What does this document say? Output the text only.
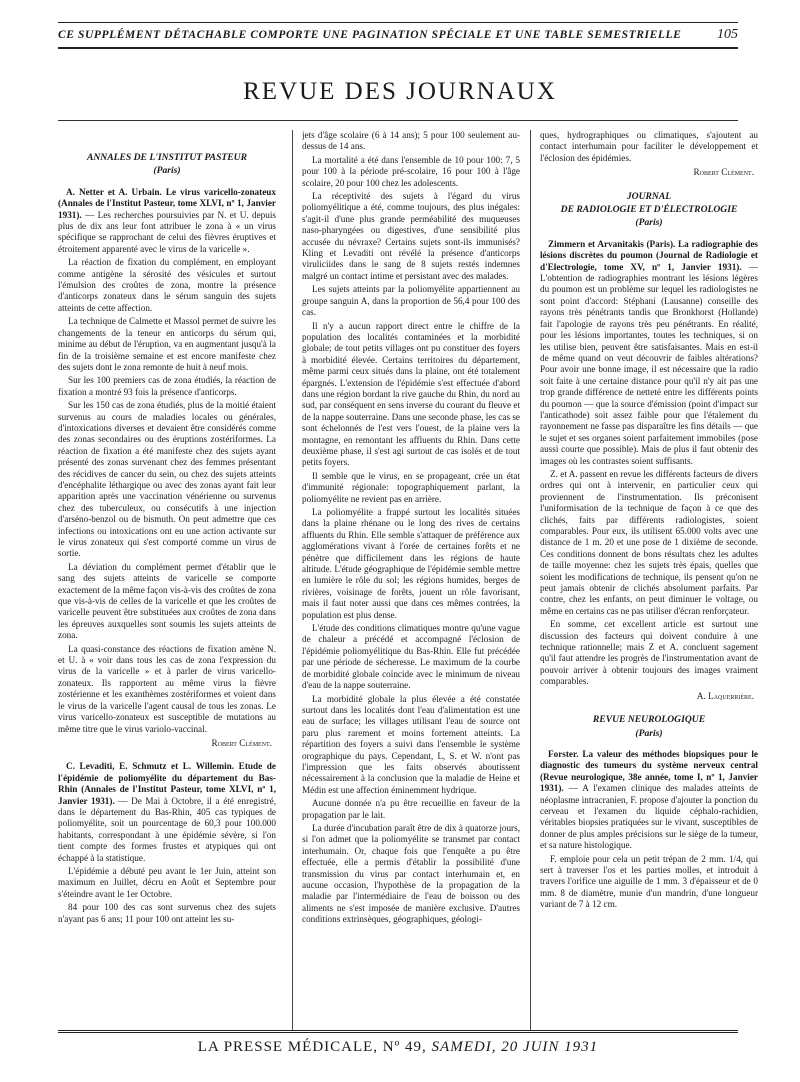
CE SUPPLÉMENT DÉTACHABLE COMPORTE UNE PAGINATION SPÉCIALE ET UNE TABLE SEMESTRIELLE	105
REVUE DES JOURNAUX
ANNALES DE L'INSTITUT PASTEUR
(Paris)

A. Netter et A. Urbain. Le virus varicello-zonateux (Annales de l'Institut Pasteur, tome XLVI, nº 1, Janvier 1931). — Les recherches poursuivies par N. et U. depuis plus de dix ans leur font attribuer le zona à « un virus spécifique se rapprochant de celui des fièvres éruptives et étroitement apparenté avec le virus de la varicelle ».

La réaction de fixation du complément, en employant comme antigène la sérosité des vésicules et surtout l'émulsion des croûtes de zona, montre la présence d'anticorps zonateux dans le sérum sanguin des sujets atteints de cette affection.

La technique de Calmette et Massol permet de suivre les changements de la teneur en anticorps du sérum qui, minime au début de l'éruption, va en augmentant jusqu'à la fin de la troisième semaine et est encore manifeste chez des sujets dont le zona remonte de huit à neuf mois.

Sur les 100 premiers cas de zona étudiés, la réaction de fixation a montré 93 fois la présence d'anticorps.

Sur les 150 cas de zona étudiés, plus de la moitié étaient survenus au cours de maladies locales ou générales, d'intoxications diverses et devaient être considérés comme des zonas secondaires ou des éruptions zostériformes. La réaction de fixation a été manifeste chez des sujets ayant présenté des zonas survenant chez des femmes présentant des récidives de cancer du sein, ou chez des sujets atteints d'encéphalite léthargique ou avec des zonas ayant fait leur apparition après une vaccination vénérienne ou survenus chez des tuberculeux, ou consécutifs à une injection d'arséno-benzol ou de bismuth. On peut admettre que ces infections ou intoxications ont eu une action activante sur le virus zonateux qui s'est comporté comme un virus de sortie.

La déviation du complément permet d'établir que le sang des sujets atteints de varicelle se comporte exactement de la même façon vis-à-vis des croûtes de zona que vis-à-vis de celles de la varicelle et que les croûtes de varicelle peuvent être substituées aux croûtes de zona dans les épreuves auxquelles sont soumis les sujets atteints de zona.

La quasi-constance des réactions de fixation amène N. et U. à « voir dans tous les cas de zona l'expression du virus de la varicelle » et à parler de virus varicello-zonateux. Ils rapportent au même virus la fièvre zostérienne et les exanthèmes zostériformes et voient dans le virus de la varicelle l'agent causal de tous les zonas. Le virus varicello-zonateux est susceptible de mutations au même titre que le virus variolo-vaccinal.

Robert Clément.

C. Levaditi, E. Schmutz et L. Willemin. Etude de l'épidémie de poliomyélite du département du Bas-Rhin (Annales de l'Institut Pasteur, tome XLVI, nº 1, Janvier 1931). — De Mai à Octobre, il a été enregistré, dans le département du Bas-Rhin, 405 cas typiques de poliomyélite, soit un pourcentage de 60,3 pour 100.000 habitants, correspondant à une épidémie sévère, si l'on tient compte des formes frustes et atypiques qui ont échappé à la statistique.

L'épidémie a débuté peu avant le 1er Juin, atteint son maximum en Juillet, décru en Août et Septembre pour s'éteindre avant le 1er Octobre.

84 pour 100 des cas sont survenus chez des sujets n'ayant pas 6 ans; 11 pour 100 ont atteint les su-

jets d'âge scolaire (6 à 14 ans); 5 pour 100 seulement au-dessus de 14 ans.

La mortalité a été dans l'ensemble de 10 pour 100: 7, 5 pour 100 à la période pré-scolaire, 16 pour 100 à l'âge scolaire, 20 pour 100 chez les adolescents.

La réceptivité des sujets à l'égard du virus poliomyélitique a été, comme toujours, des plus inégales: s'agit-il d'une plus grande perméabilité des muqueuses naso-pharyngées ou digestives, d'une sensibilité plus accusée du névraxe? Certains sujets sont-ils immunisés? Kling et Levaditi ont révélé la présence d'anticorps viruliciides dans le sang de 8 sujets restés indemnes malgré un contact intime et persistant avec des malades.

Les sujets atteints par la poliomyélite appartiennent au groupe sanguin A, dans la proportion de 56,4 pour 100 des cas.

Il n'y a aucun rapport direct entre le chiffre de la population des localités contaminées et la morbidité globale; de tout petits villages ont pu constituer des foyers à morbidité élevée. Certains territoires du département, même parmi ceux situés dans la plaine, ont été totalement épargnés. L'extension de l'épidémie s'est effectuée d'abord dans une région bordant la rive gauche du Rhin, du nord au sud, par conséquent en sens inverse du courant du fleuve et de la nappe souterraine. Dans une seconde phase, les cas se sont échelonnés de l'est vers l'ouest, de la plaine vers la montagne, en remontant les affluents du Rhin. Dans cette deuxième phase, il s'est agi surtout de cas isolés et de tout petits foyers.

Il semble que le virus, en se propageant, crée un état d'immunité régionale: topographiquement parlant, la poliomyélite ne revient pas en arrière.

La poliomyélite a frappé surtout les localités situées dans la plaine rhénane ou le long des rives de certains affluents du Rhin. Elle semble s'attaquer de préférence aux agglomérations vivant à l'orée de certaines forêts et ne pénètre que difficilement dans les régions de haute altitude. L'étude géographique de l'épidémie semble mettre en lumière le rôle du sol; les régions humides, berges de rivières, voisinage de forêts, jouent un rôle favorisant, mais il faut noter aussi que dans ces mêmes contrées, la population est plus dense.

L'étude des conditions climatiques montre qu'une vague de chaleur a précédé et accompagné l'éclosion de l'épidémie poliomyélitique du Bas-Rhin. Elle fut précédée par une période de sécheresse. Le maximum de la courbe de morbidité globale coïncide avec le minimum de niveau d'eau de la nappe souterraine.

La morbidité globale la plus élevée a été constatée surtout dans les localités dont l'eau d'alimentation est une eau de surface; les villages utilisant l'eau de source ont paru plus rarement et moins fortement atteints. La répartition des foyers a suivi dans l'ensemble le système orographique du pays. Cependant, L, S. et W. n'ont pas l'impression que les faits observés aboutissent nécessairement à la conclusion que la maladie de Heine et Médin est une affection éminemment hydrique.

Aucune donnée n'a pu être recueillie en faveur de la propagation par le lait.

La durée d'incubation paraît être de dix à quatorze jours, si l'on admet que la poliomyélite se transmet par contact interhumain. Or, chaque fois que l'enquête a pu être effectuée, elle a permis d'établir la possibilité d'une transmission du virus par contact interhumain et, en aucune occasion, l'hypothèse de la propagation de la maladie par l'intermédiaire de l'eau de boisson ou des aliments ne s'est imposée de manière exclusive. D'autres conditions extrinsèques, géographiques, géologi-

ques, hydrographiques ou climatiques, s'ajoutent au contact interhumain pour faciliter le développement et l'éclosion des épidémies.

Robert Clément.
JOURNAL
DE RADIOLOGIE ET D'ÉLECTROLOGIE
(Paris)

Zimmern et Arvanitakis (Paris). La radiographie des lésions discrètes du poumon (Journal de Radiologie et d'Electrologie, tome XV, nº 1, Janvier 1931). — L'obtention de radiographies montrant les lésions légères du poumon est un problème sur lequel les radiologistes ne sont point d'accord: Stéphani (Lausanne) conseille des rayons très pénétrants tandis que Bronkhorst (Hollande) fait l'apologie de rayons très peu pénétrants. En réalité, pour les lésions importantes, toutes les techniques, si on les utilise bien, peuvent être satisfaisantes. Mais en est-il de même quand on veut découvrir de faibles altérations? Pour avoir une bonne image, il est nécessaire que la radio soit faite à une certaine distance pour qu'il n'y ait pas une trop grande différence de netteté entre les différents points du poumon — que la source d'émission (point d'impact sur l'anticathode) soit assez faible pour que l'étalement du rayonnement ne fasse pas disparaître les fins détails — que le sujet et ses organes soient parfaitement immobiles (pose aussi courte que possible). Mais de plus il faut obtenir des images où les contrastes soient suffisants.

Z. et A. passent en revue les différents facteurs de divers ordres qui ont à intervenir, en particulier ceux qui proviennent de l'instrumentation. Ils préconisent l'uniformisation de la technique de façon à ce que des clichés, faits par différents radiologistes, soient comparables. Pour eux, ils utilisent 65.000 volts avec une distance de 1 m. 20 et une pose de 1 dixième de seconde. Ces conditions donnent de bons résultats chez les adultes de taille moyenne: chez les sujets très épais, quelles que soient les modifications de technique, ils pensent qu'on ne peut jamais obtenir de clichés absolument parfaits. Par contre, chez les enfants, on peut diminuer le voltage, ou même en certains cas ne pas utiliser d'écran renforçateur.

En somme, cet excellent article est surtout une discussion des facteurs qui doivent conduire à une technique rationnelle; mais Z et A. concluent sagement qu'il faut attendre les progrès de l'instrumentation avant de pouvoir arriver à obtenir toujours des images vraiment comparables.

A. Laquerrière.
REVUE NEUROLOGIQUE
(Paris)

Forster. La valeur des méthodes biopsiques pour le diagnostic des tumeurs du système nerveux central (Revue neurologique, 38e année, tome I, nº 1, Janvier 1931). — A l'examen clinique des malades atteints de néoplasme intracranien, F. propose d'ajouter la ponction du cerveau et l'examen du liquide céphalo-rachidien, véritables biopsies pratiquées sur le vivant, susceptibles de donner de plus amples précisions sur le siège de la tumeur, et sa nature histologique.

F. emploie pour cela un petit trépan de 2 mm. 1/4, qui sert à traverser l'os et les parties molles, et introduit à travers l'orifice une aiguille de 1 mm. 3 d'épaisseur et de 0 mm. 8 de diamètre, munie d'un mandrin, d'une longueur variant de 7 à 12 cm.

LA PRESSE MÉDICALE, Nº 49, SAMEDI, 20 JUIN 1931
